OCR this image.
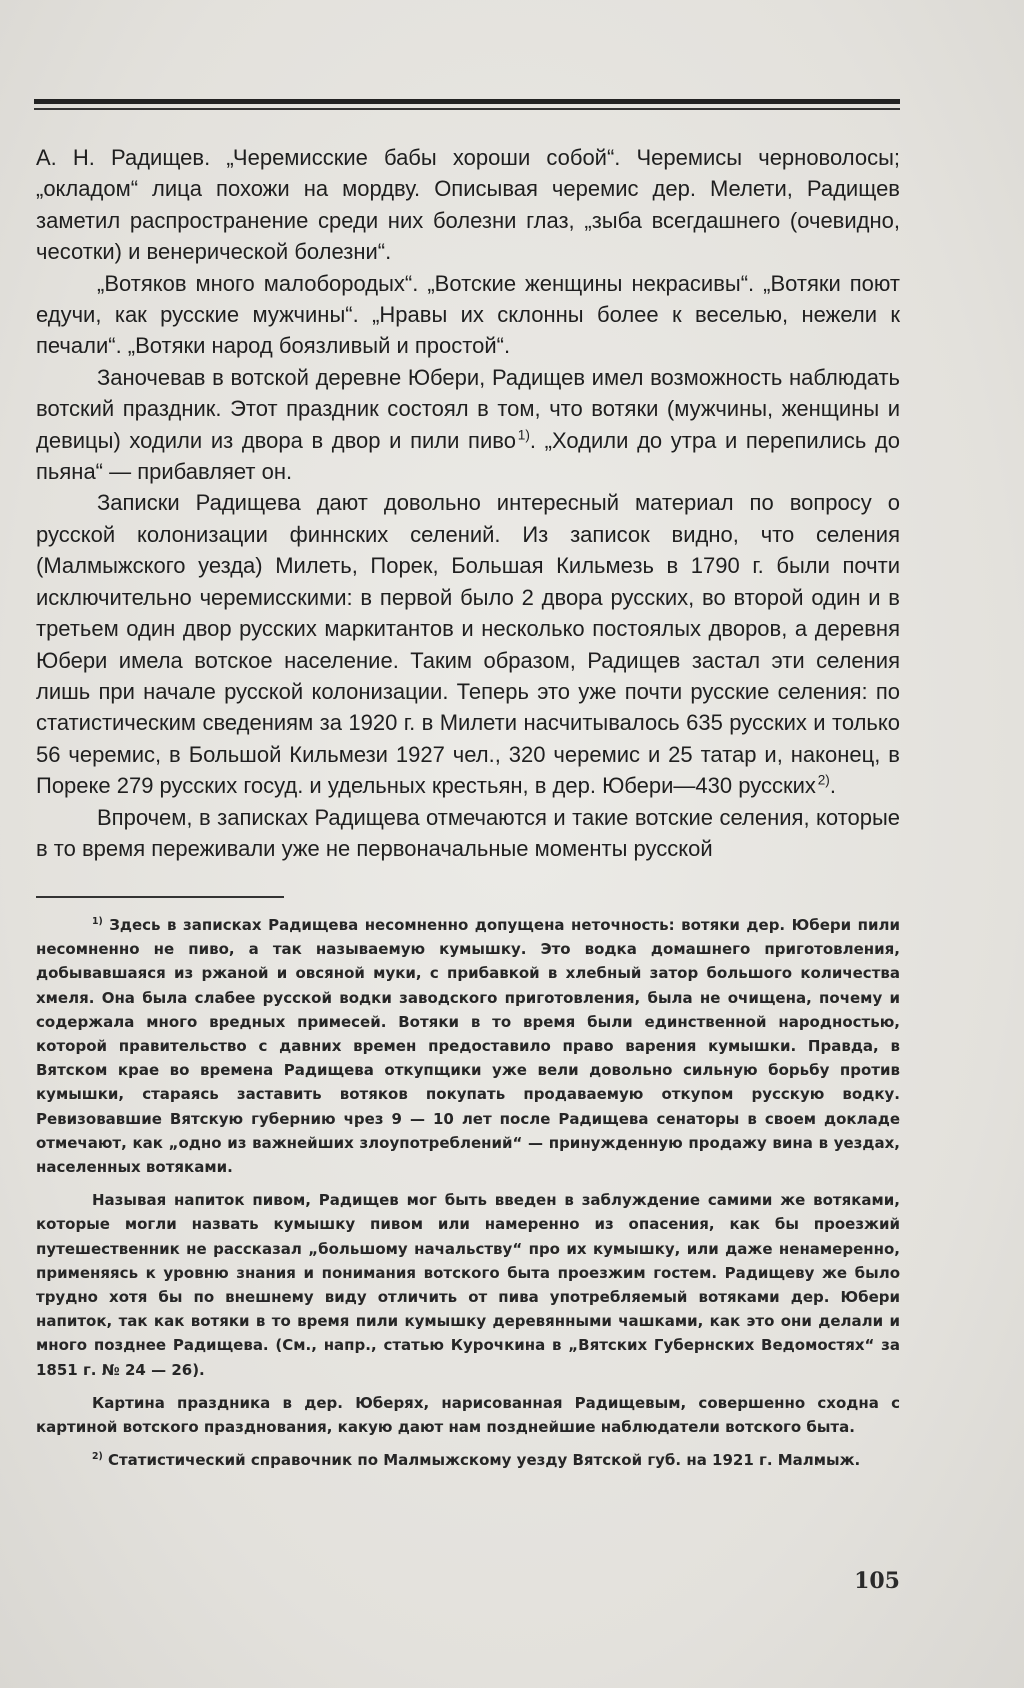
А. Н. Радищев. „Черемисские бабы хороши собой“. Черемисы черноволосы; „окладом“ лица похожи на мордву. Описывая черемис дер. Мелети, Радищев заметил распространение среди них болезни глаз, „зыба всегдашнего (очевидно, чесотки) и венерической болезни“.

„Вотяков много малобородых“. „Вотские женщины некрасивы“. „Вотяки поют едучи, как русские мужчины“. „Нравы их склонны более к веселью, нежели к печали“. „Вотяки народ боязливый и простой“.

Заночевав в вотской деревне Юбери, Радищев имел возможность наблюдать вотский праздник. Этот праздник состоял в том, что вотяки (мужчины, женщины и девицы) ходили из двора в двор и пили пиво  $^{1)}$. „Ходили до утра и перепились до пьяна“ — прибавляет он.

Записки Радищева дают довольно интересный материал по вопросу о русской колонизации финнских селений. Из записок видно, что селения (Малмыжского уезда) Милеть, Порек, Большая Кильмезь в 1790 г. были почти исключительно черемисскими: в первой было 2 двора русских, во второй один и в третьем один двор русских маркитантов и несколько постоялых дворов, а деревня Юбери имела вотское население. Таким образом, Радищев застал эти селения лишь при начале русской колонизации. Теперь это уже почти русские селения: по статистическим сведениям за 1920 г. в Милети насчитывалось 635 русских и только 56 черемис, в Большой Кильмези 1927 чел., 320 черемис и 25 татар и, наконец, в Пореке 279 русских госуд. и удельных крестьян, в дер. Юбери—430 русских  $^{2)}$.

Впрочем, в записках Радищева отмечаются и такие вотские селения, которые в то время переживали уже не первоначальные моменты русской

$^{1)}$ Здесь в записках Радищева несомненно допущена неточность: вотяки дер. Юбери пили несомненно не пиво, а так называемую кумышку. Это водка домашнего приготовления, добывавшаяся из ржаной и овсяной муки, с прибавкой в хлебный затор большого количества хмеля. Она была слабее русской водки заводского приготовления, была не очищена, почему и содержала много вредных примесей. Вотяки в то время были единственной народностью, которой правительство с давних времен предоставило право варения кумышки. Правда, в Вятском крае во времена Радищева откупщики уже вели довольно сильную борьбу против кумышки, стараясь заставить вотяков покупать продаваемую откупом русскую водку. Ревизовавшие Вятскую губернию чрез 9 — 10 лет после Радищева сенаторы в своем докладе отмечают, как „одно из важнейших злоупотреблений“ — принужденную продажу вина в уездах, населенных вотяками.

Называя напиток пивом, Радищев мог быть введен в заблуждение самими же вотяками, которые могли назвать кумышку пивом или намеренно из опасения, как бы проезжий путешественник не рассказал „большому начальству“ про их кумышку, или даже ненамеренно, применяясь к уровню знания и понимания вотского быта проезжим гостем. Радищеву же было трудно хотя бы по внешнему виду отличить от пива употребляемый вотяками дер. Юбери напиток, так как вотяки в то время пили кумышку деревянными чашками, как это они делали и много позднее Радищева. (См., напр., статью Курочкина в „Вятских Губернских Ведомостях“ за 1851 г. № 24 — 26).

Картина праздника в дер. Юберях, нарисованная Радищевым, совершенно сходна с картиной вотского празднования, какую дают нам позднейшие наблюдатели вотского быта.

$^{2)}$ Статистический справочник по Малмыжскому уезду Вятской губ. на 1921 г. Малмыж.

105
